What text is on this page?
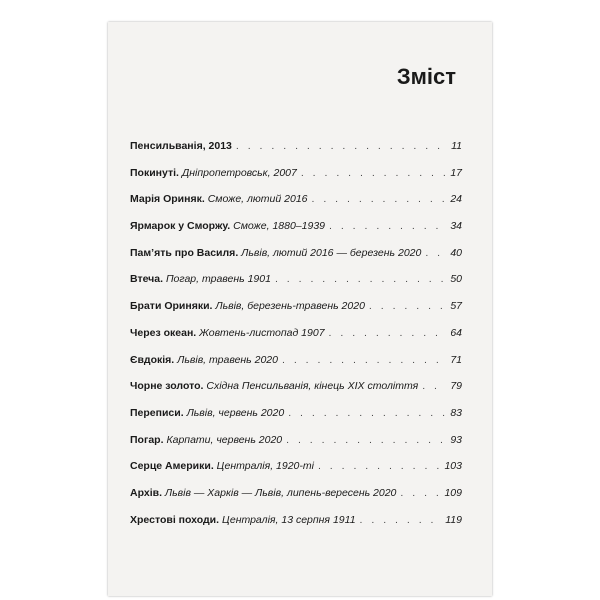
Зміст
Пенсильванія, 2013 . . .	11
Покинуті. Дніпропетровськ, 2007 . . .	17
Марія Ориняк. Сможе, лютий 2016 . . .	24
Ярмарок у Сморжу. Сможе, 1880–1939 . . .	34
Пам’ять про Василя. Львів, лютий 2016 — березень 2020 . . .	40
Втеча. Погар, травень 1901 . . .	50
Брати Ориняки. Львів, березень-травень 2020 . . .	57
Через океан. Жовтень-листопад 1907 . . .	64
Євдокія. Львів, травень 2020 . . .	71
Чорне золото. Східна Пенсильванія, кінець XIX століття . . .	79
Переписи. Львів, червень 2020 . . .	83
Погар. Карпати, червень 2020 . . .	93
Серце Америки. Централія, 1920-ті . . .	103
Архів. Львів — Харків — Львів, липень-вересень 2020 . . .	109
Хрестові походи. Централія, 13 серпня 1911 . . .	119
